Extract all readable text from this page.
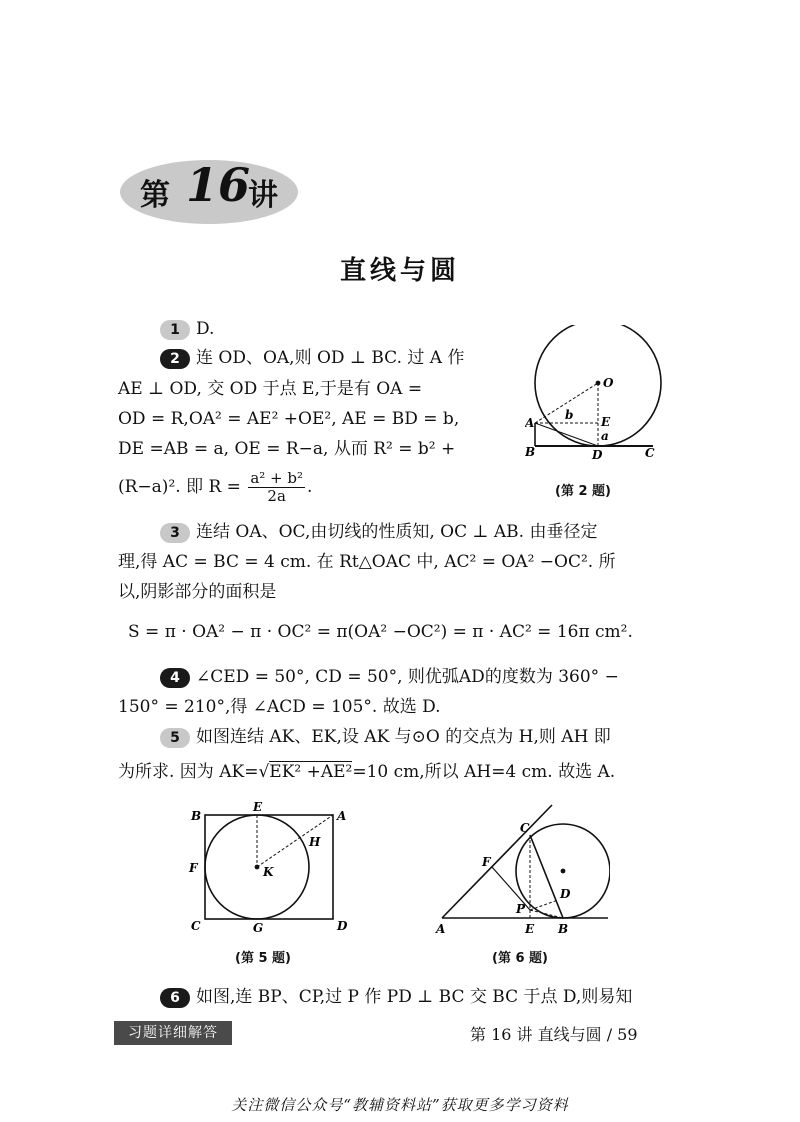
第 16
讲
直线与圆
1 D.
2 连 OD、OA,则 OD ⊥ BC. 过 A 作
AE ⊥ OD, 交 OD 于点 E,于是有 OA =
OD = R,OA² = AE² +OE², AE = BD = b,
DE =AB = a, OE = R−a, 从而 R² = b² +
(R−a)². 即 $R = \frac{\text{a² + b²}}{2a}$ .
O
A
B	C
D
E
a
b
(第 2 题)
3 连结 OA、OC,由切线的性质知, OC ⊥ AB. 由垂径定
理,得 AC = BC = 4 cm. 在 Rt△OAC 中, AC² = OA² −OC². 所
以,阴影部分的面积是
S = π · OA² − π · OC² = π(OA² −OC²) = π · AC² = 16π cm².
4 ∠CED = 50°, CD = 50°, 则优弧AD的度数为 360° −
150° = 210°,得 ∠ACD = 105°. 故选 D.
5 如图连结 AK、EK,设 AK 与⊙O 的交点为 H,则 AH 即
为所求. 因为 AK=√EK² +AE²=10 cm,所以 AH=4 cm. 故选 A.
B
E
A
H
F	K
C	G	D
(第 5 题)
C
F
D
P
A	E B
(第 6 题)
6 如图,连 BP、CP,过 P 作 PD ⊥ BC 交 BC 于点 D,则易知
习题详细解答	第 16 讲 直线与圆 / 59
关注微信公众号“教辅资料站”获取更多学习资料
